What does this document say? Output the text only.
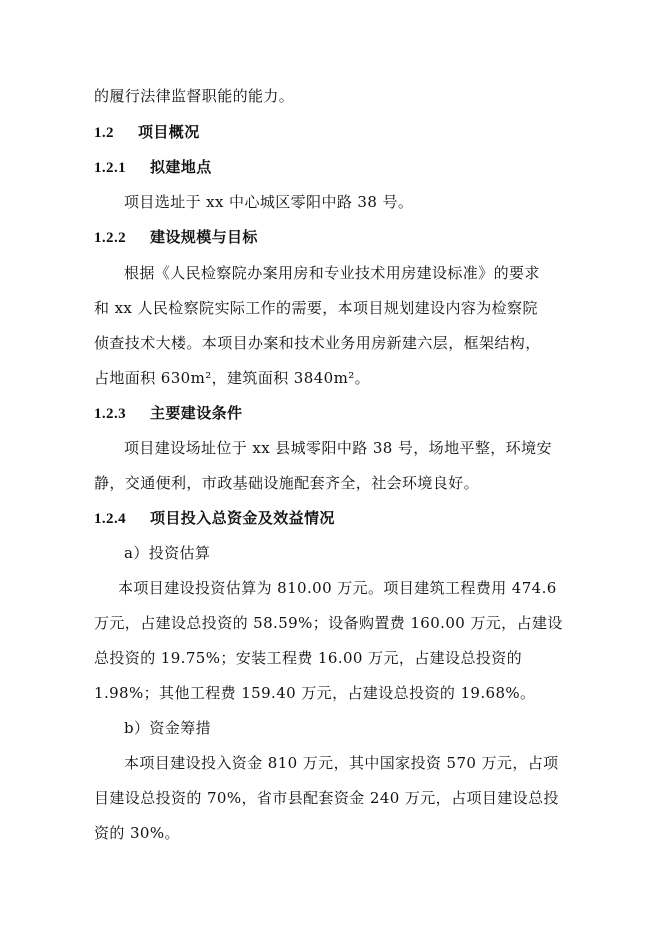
的履行法律监督职能的能力。
1.2 项目概况
1.2.1 拟建地点
项目选址于 xx 中心城区零阳中路 38 号。
1.2.2 建设规模与目标
根据《人民检察院办案用房和专业技术用房建设标准》的要求
和 xx 人民检察院实际工作的需要，本项目规划建设内容为检察院
侦查技术大楼。本项目办案和技术业务用房新建六层，框架结构，
占地面积 630m²，建筑面积 3840m²。
1.2.3 主要建设条件
项目建设场址位于 xx 县城零阳中路 38 号，场地平整，环境安
静，交通便利，市政基础设施配套齐全，社会环境良好。
1.2.4 项目投入总资金及效益情况
a）投资估算
本项目建设投资估算为 810.00 万元。项目建筑工程费用 474.6
万元，占建设总投资的 58.59%；设备购置费 160.00 万元，占建设
总投资的 19.75%；安装工程费 16.00 万元，占建设总投资的
1.98%；其他工程费 159.40 万元，占建设总投资的 19.68%。
b）资金筹措
本项目建设投入资金 810 万元，其中国家投资 570 万元，占项
目建设总投资的 70%，省市县配套资金 240 万元，占项目建设总投
资的 30%。
